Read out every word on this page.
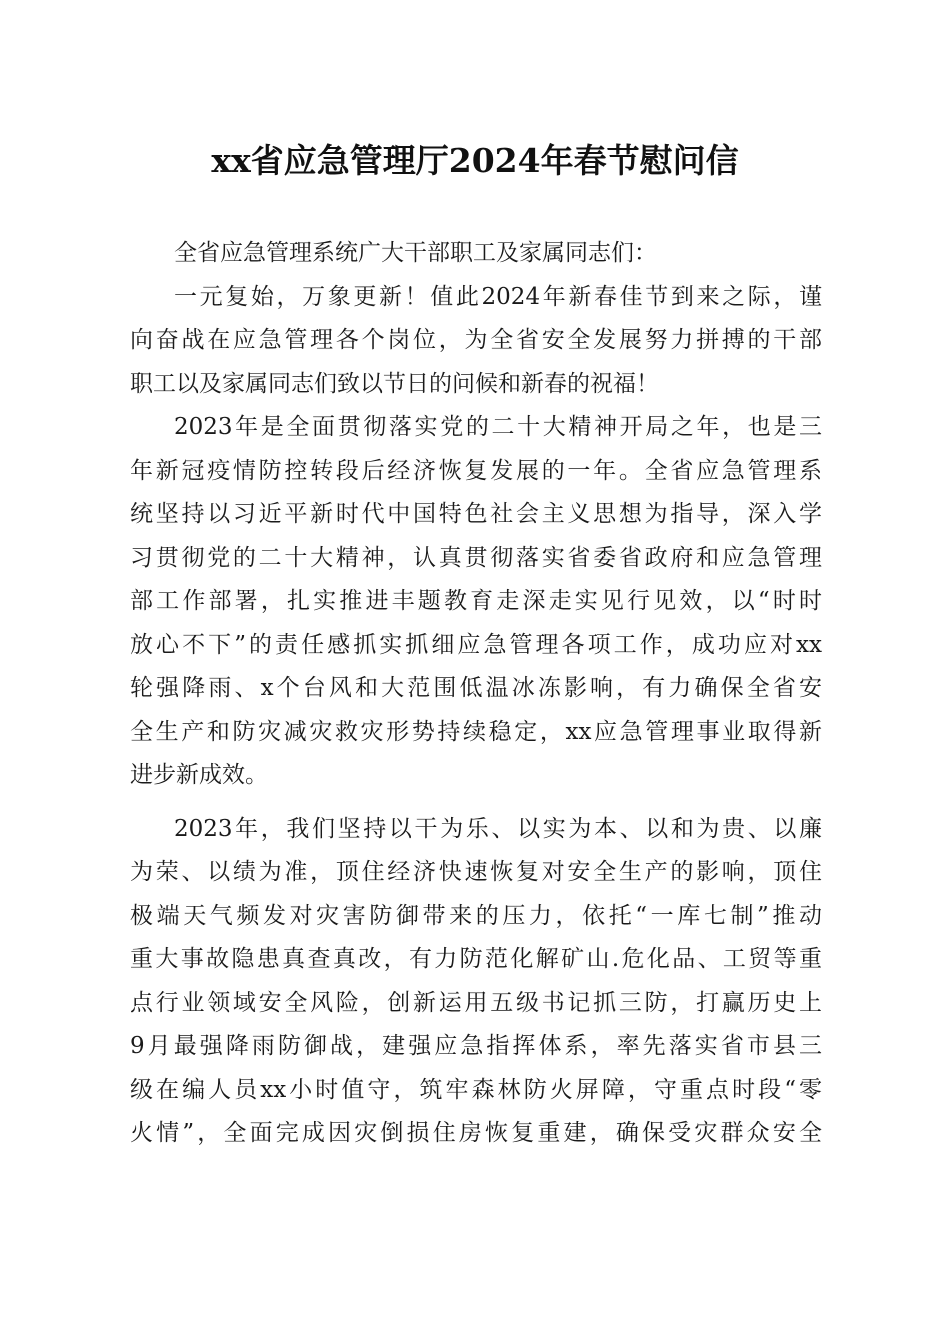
xx省应急管理厅2024年春节慰问信
全省应急管理系统广大干部职工及家属同志们：
一元复始，万象更新！值此2024年新春佳节到来之际，谨
向奋战在应急管理各个岗位，为全省安全发展努力拼搏的干部
职工以及家属同志们致以节日的问候和新春的祝福！
2023年是全面贯彻落实党的二十大精神开局之年，也是三
年新冠疫情防控转段后经济恢复发展的一年。全省应急管理系
统坚持以习近平新时代中国特色社会主义思想为指导，深入学
习贯彻党的二十大精神，认真贯彻落实省委省政府和应急管理
部工作部署，扎实推进丰题教育走深走实见行见效，以“时时
放心不下”的责任感抓实抓细应急管理各项工作，成功应对xx
轮强降雨、x个台风和大范围低温冰冻影响，有力确保全省安
全生产和防灾减灾救灾形势持续稳定，xx应急管理事业取得新
进步新成效。
2023年，我们坚持以干为乐、以实为本、以和为贵、以廉
为荣、以绩为准，顶住经济快速恢复对安全生产的影响，顶住
极端天气频发对灾害防御带来的压力，依托“一库七制”推动
重大事故隐患真查真改，有力防范化解矿山.危化品、工贸等重
点行业领域安全风险，创新运用五级书记抓三防，打赢历史上
9月最强降雨防御战，建强应急指挥体系，率先落实省市县三
级在编人员xx小时值守，筑牢森林防火屏障，守重点时段“零
火情”，全面完成因灾倒损住房恢复重建，确保受灾群众安全
